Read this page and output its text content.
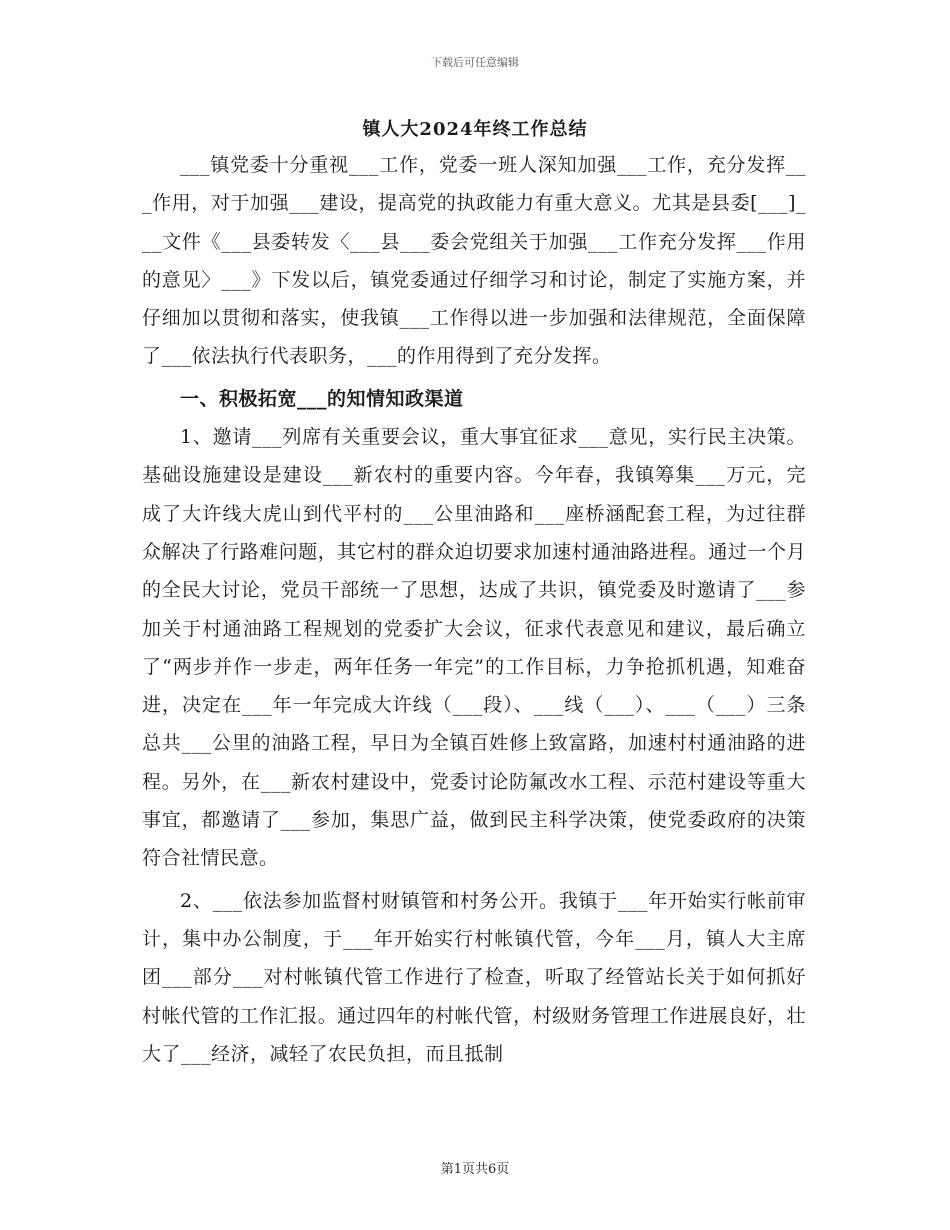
下载后可任意编辑
镇人大2024年终工作总结

___镇党委十分重视___工作，党委一班人深知加强___工作，充分发挥___作用，对于加强___建设，提高党的执政能力有重大意义。尤其是县委[___]___文件《___县委转发〈___县___委会党组关于加强___工作充分发挥___作用的意见〉___》下发以后，镇党委通过仔细学习和讨论，制定了实施方案，并仔细加以贯彻和落实，使我镇___工作得以进一步加强和法律规范，全面保障了___依法执行代表职务，___的作用得到了充分发挥。

一、积极拓宽___的知情知政渠道

1、邀请___列席有关重要会议，重大事宜征求___意见，实行民主决策。基础设施建设是建设___新农村的重要内容。今年春，我镇筹集___万元，完成了大许线大虎山到代平村的___公里油路和___座桥涵配套工程，为过往群众解决了行路难问题，其它村的群众迫切要求加速村通油路进程。通过一个月的全民大讨论，党员干部统一了思想，达成了共识，镇党委及时邀请了___参加关于村通油路工程规划的党委扩大会议，征求代表意见和建议，最后确立了“两步并作一步走，两年任务一年完”的工作目标，力争抢抓机遇，知难奋进，决定在___年一年完成大许线（___段）、___线（___）、___（___）三条总共___公里的油路工程，早日为全镇百姓修上致富路，加速村村通油路的进程。另外，在___新农村建设中，党委讨论防氟改水工程、示范村建设等重大事宜，都邀请了___参加，集思广益，做到民主科学决策，使党委政府的决策符合社情民意。

2、___依法参加监督村财镇管和村务公开。我镇于___年开始实行帐前审计，集中办公制度，于___年开始实行村帐镇代管，今年___月，镇人大主席团___部分___对村帐镇代管工作进行了检查，听取了经管站长关于如何抓好村帐代管的工作汇报。通过四年的村帐代管，村级财务管理工作进展良好，壮大了___经济，减轻了农民负担，而且抵制

第1页共6页
